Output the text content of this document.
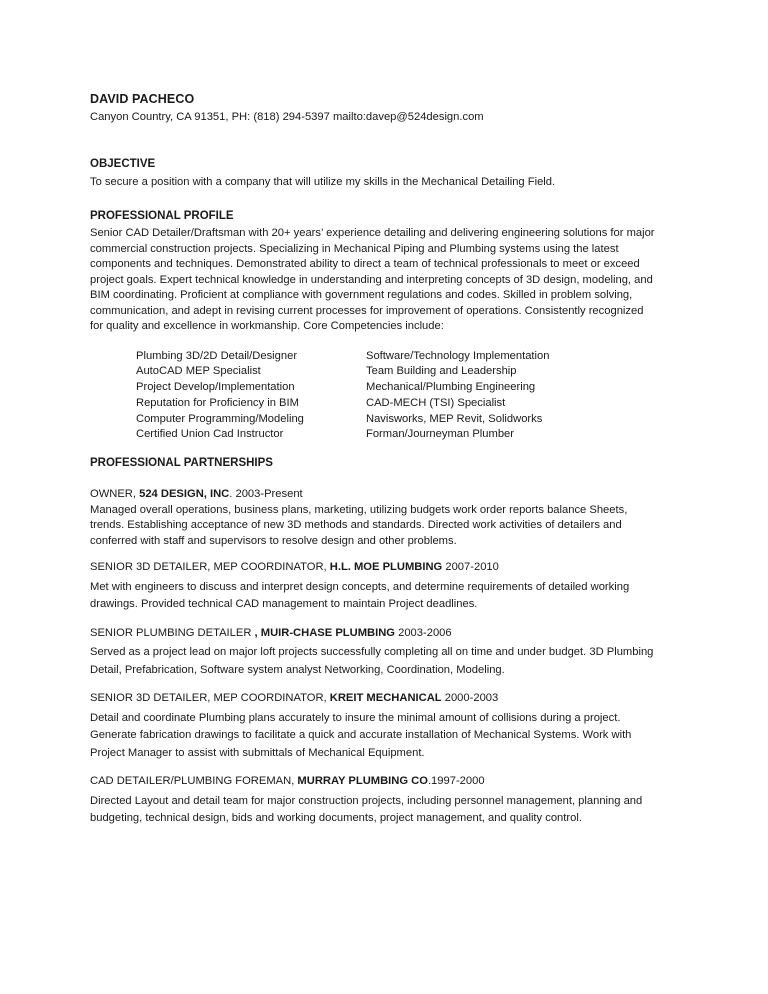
DAVID PACHECO
Canyon Country, CA 91351, PH: (818) 294-5397 mailto:davep@524design.com
OBJECTIVE
To secure a position with a company that will utilize my skills in the Mechanical Detailing Field.
PROFESSIONAL PROFILE
Senior CAD Detailer/Draftsman with 20+ years’ experience detailing and delivering engineering solutions for major
commercial construction projects. Specializing in Mechanical Piping and Plumbing systems using the latest
components and techniques. Demonstrated ability to direct a team of technical professionals to meet or exceed
project goals. Expert technical knowledge in understanding and interpreting concepts of 3D design, modeling, and
BIM coordinating. Proficient at compliance with government regulations and codes. Skilled in problem solving,
communication, and adept in revising current processes for improvement of operations. Consistently recognized
for quality and excellence in workmanship. Core Competencies include:
Plumbing 3D/2D Detail/Designer
AutoCAD MEP Specialist
Project Develop/Implementation
Reputation for Proficiency in BIM
Computer Programming/Modeling
Certified Union Cad Instructor
Software/Technology Implementation
Team Building and Leadership
Mechanical/Plumbing Engineering
CAD-MECH (TSI) Specialist
Navisworks, MEP Revit, Solidworks
Forman/Journeyman Plumber
PROFESSIONAL PARTNERSHIPS
OWNER, 524 DESIGN, INC. 2003-Present
Managed overall operations, business plans, marketing, utilizing budgets work order reports balance Sheets,
trends. Establishing acceptance of new 3D methods and standards. Directed work activities of detailers and
conferred with staff and supervisors to resolve design and other problems.
SENIOR 3D DETAILER, MEP COORDINATOR, H.L. MOE PLUMBING 2007-2010
Met with engineers to discuss and interpret design concepts, and determine requirements of detailed working
drawings. Provided technical CAD management to maintain Project deadlines.
SENIOR PLUMBING DETAILER , MUIR-CHASE PLUMBING 2003-2006
Served as a project lead on major loft projects successfully completing all on time and under budget. 3D Plumbing
Detail, Prefabrication, Software system analyst Networking, Coordination, Modeling.
SENIOR 3D DETAILER, MEP COORDINATOR, KREIT MECHANICAL 2000-2003
Detail and coordinate Plumbing plans accurately to insure the minimal amount of collisions during a project.
Generate fabrication drawings to facilitate a quick and accurate installation of Mechanical Systems. Work with
Project Manager to assist with submittals of Mechanical Equipment.
CAD DETAILER/PLUMBING FOREMAN, MURRAY PLUMBING CO.1997-2000
Directed Layout and detail team for major construction projects, including personnel management, planning and
budgeting, technical design, bids and working documents, project management, and quality control.
